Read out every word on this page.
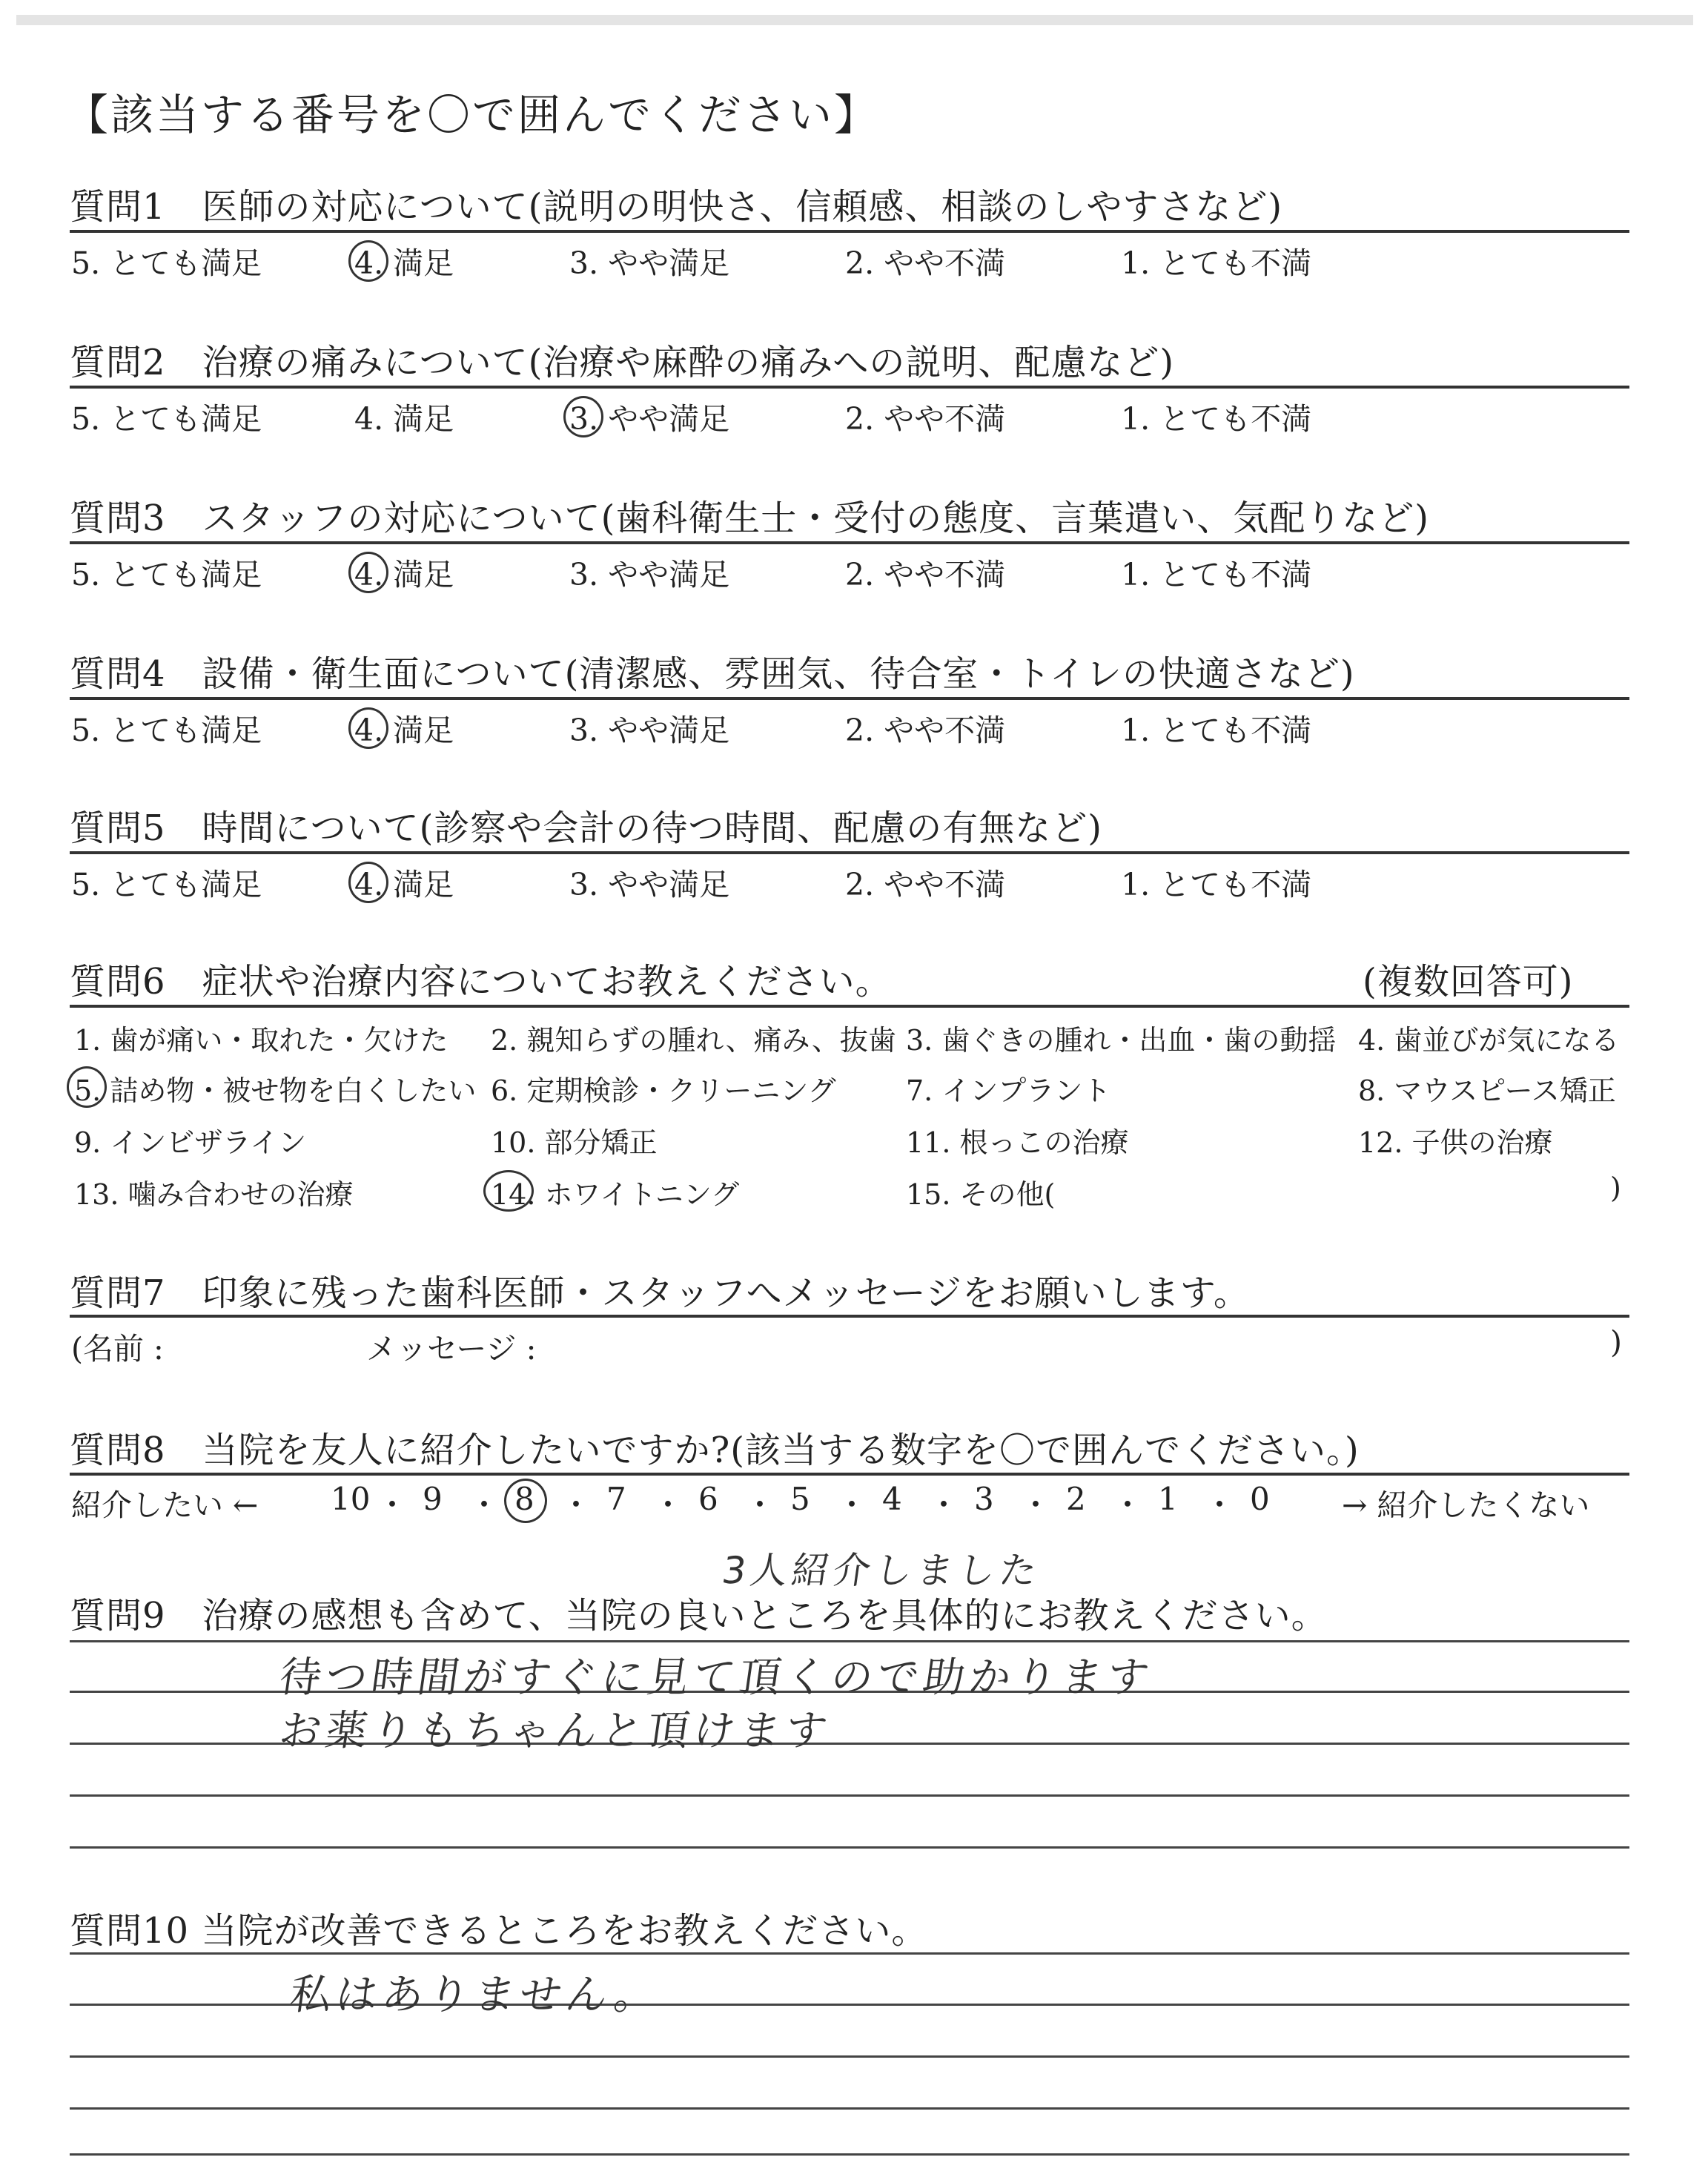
【該当する番号を〇で囲んでください】
質問1　医師の対応について(説明の明快さ、信頼感、相談のしやすさなど)
5. とても満足	4. 満足	3. やや満足	2. やや不満	1. とても不満
質問2　治療の痛みについて(治療や麻酔の痛みへの説明、配慮など)
5. とても満足	4. 満足	3. やや満足	2. やや不満	1. とても不満
質問3　スタッフの対応について(歯科衛生士・受付の態度、言葉遣い、気配りなど)
5. とても満足	4. 満足	3. やや満足	2. やや不満	1. とても不満
質問4　設備・衛生面について(清潔感、雰囲気、待合室・トイレの快適さなど)
5. とても満足	4. 満足	3. やや満足	2. やや不満	1. とても不満
質問5　時間について(診察や会計の待つ時間、配慮の有無など)
5. とても満足	4. 満足	3. やや満足	2. やや不満	1. とても不満
質問6　症状や治療内容についてお教えください。	(複数回答可)
1. 歯が痛い・取れた・欠けた 2. 親知らずの腫れ、痛み、抜歯 3. 歯ぐきの腫れ・出血・歯の動揺 4. 歯並びが気になる
5. 詰め物・被せ物を白くしたい 6. 定期検診・クリーニング 7. インプラント	8. マウスピース矯正
9. インビザライン	10. 部分矯正	11. 根っこの治療	12. 子供の治療
13. 噛み合わせの治療	14. ホワイトニング	15. その他(	)
質問7　印象に残った歯科医師・スタッフへメッセージをお願いします。
(名前 :	メッセージ :	)
質問8　当院を友人に紹介したいですか?(該当する数字を〇で囲んでください。)
紹介したい ← 10 ・ 9 ・ 8 ・ 7 ・ 6 ・ 5 ・ 4 ・ 3 ・ 2 ・ 1 ・ 0 → 紹介したくない
3人紹介しました
質問9　治療の感想も含めて、当院の良いところを具体的にお教えください。
待つ時間がすぐに見て頂くので助かります
お薬りもちゃんと頂けます
質問10 当院が改善できるところをお教えください。
私はありません。
